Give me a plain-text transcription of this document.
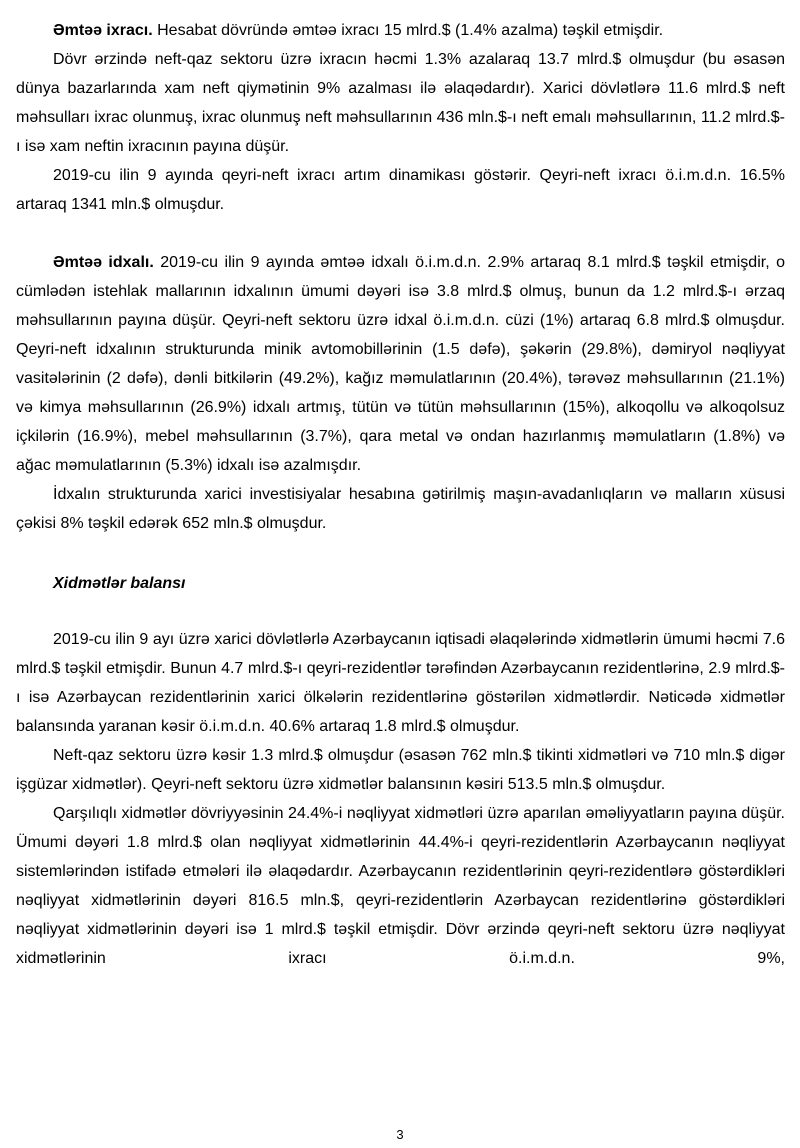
Əmtəə ixracı. Hesabat dövründə əmtəə ixracı 15 mlrd.$ (1.4% azalma) təşkil etmişdir.

Dövr ərzində neft-qaz sektoru üzrə ixracın həcmi 1.3% azalaraq 13.7 mlrd.$ olmuşdur (bu əsasən dünya bazarlarında xam neft qiymətinin 9% azalması ilə əlaqədardır). Xarici dövlətlərə 11.6 mlrd.$ neft məhsulları ixrac olunmuş, ixrac olunmuş neft məhsullarının 436 mln.$-ı neft emalı məhsullarının, 11.2 mlrd.$-ı isə xam neftin ixracının payına düşür.

2019-cu ilin 9 ayında qeyri-neft ixracı artım dinamikası göstərir. Qeyri-neft ixracı ö.i.m.d.n. 16.5% artaraq 1341 mln.$ olmuşdur.

Əmtəə idxalı. 2019-cu ilin 9 ayında əmtəə idxalı ö.i.m.d.n. 2.9% artaraq 8.1 mlrd.$ təşkil etmişdir, o cümlədən istehlak mallarının idxalının ümumi dəyəri isə 3.8 mlrd.$ olmuş, bunun da 1.2 mlrd.$-ı ərzaq məhsullarının payına düşür. Qeyri-neft sektoru üzrə idxal ö.i.m.d.n. cüzi (1%) artaraq 6.8 mlrd.$ olmuşdur. Qeyri-neft idxalının strukturunda minik avtomobillərinin (1.5 dəfə), şəkərin (29.8%), dəmiryol nəqliyyat vasitələrinin (2 dəfə), dənli bitkilərin (49.2%), kağız məmulatlarının (20.4%), tərəvəz məhsullarının (21.1%) və kimya məhsullarının (26.9%) idxalı artmış, tütün və tütün məhsullarının (15%), alkoqollu və alkoqolsuz içkilərin (16.9%), mebel məhsullarının (3.7%), qara metal və ondan hazırlanmış məmulatların (1.8%) və ağac məmulatlarının (5.3%) idxalı isə azalmışdır.

İdxalın strukturunda xarici investisiyalar hesabına gətirilmiş maşın-avadanlıqların və malların xüsusi çəkisi 8% təşkil edərək 652 mln.$ olmuşdur.

Xidmətlər balansı

2019-cu ilin 9 ayı üzrə xarici dövlətlərlə Azərbaycanın iqtisadi əlaqələrində xidmətlərin ümumi həcmi 7.6 mlrd.$ təşkil etmişdir. Bunun 4.7 mlrd.$-ı qeyri-rezidentlər tərəfindən Azərbaycanın rezidentlərinə, 2.9 mlrd.$-ı isə Azərbaycan rezidentlərinin xarici ölkələrin rezidentlərinə göstərilən xidmətlərdir. Nəticədə xidmətlər balansında yaranan kəsir ö.i.m.d.n. 40.6% artaraq 1.8 mlrd.$ olmuşdur.

Neft-qaz sektoru üzrə kəsir 1.3 mlrd.$ olmuşdur (əsasən 762 mln.$ tikinti xidmətləri və 710 mln.$ digər işgüzar xidmətlər). Qeyri-neft sektoru üzrə xidmətlər balansının kəsiri 513.5 mln.$ olmuşdur.

Qarşılıqlı xidmətlər dövriyyəsinin 24.4%-i nəqliyyat xidmətləri üzrə aparılan əməliyyatların payına düşür. Ümumi dəyəri 1.8 mlrd.$ olan nəqliyyat xidmətlərinin 44.4%-i qeyri-rezidentlərin Azərbaycanın nəqliyyat sistemlərindən istifadə etmələri ilə əlaqədardır. Azərbaycanın rezidentlərinin qeyri-rezidentlərə göstərdikləri nəqliyyat xidmətlərinin dəyəri 816.5 mln.$, qeyri-rezidentlərin Azərbaycan rezidentlərinə göstərdikləri nəqliyyat xidmətlərinin dəyəri isə 1 mlrd.$ təşkil etmişdir. Dövr ərzində qeyri-neft sektoru üzrə nəqliyyat xidmətlərinin ixracı ö.i.m.d.n. 9%,

3
